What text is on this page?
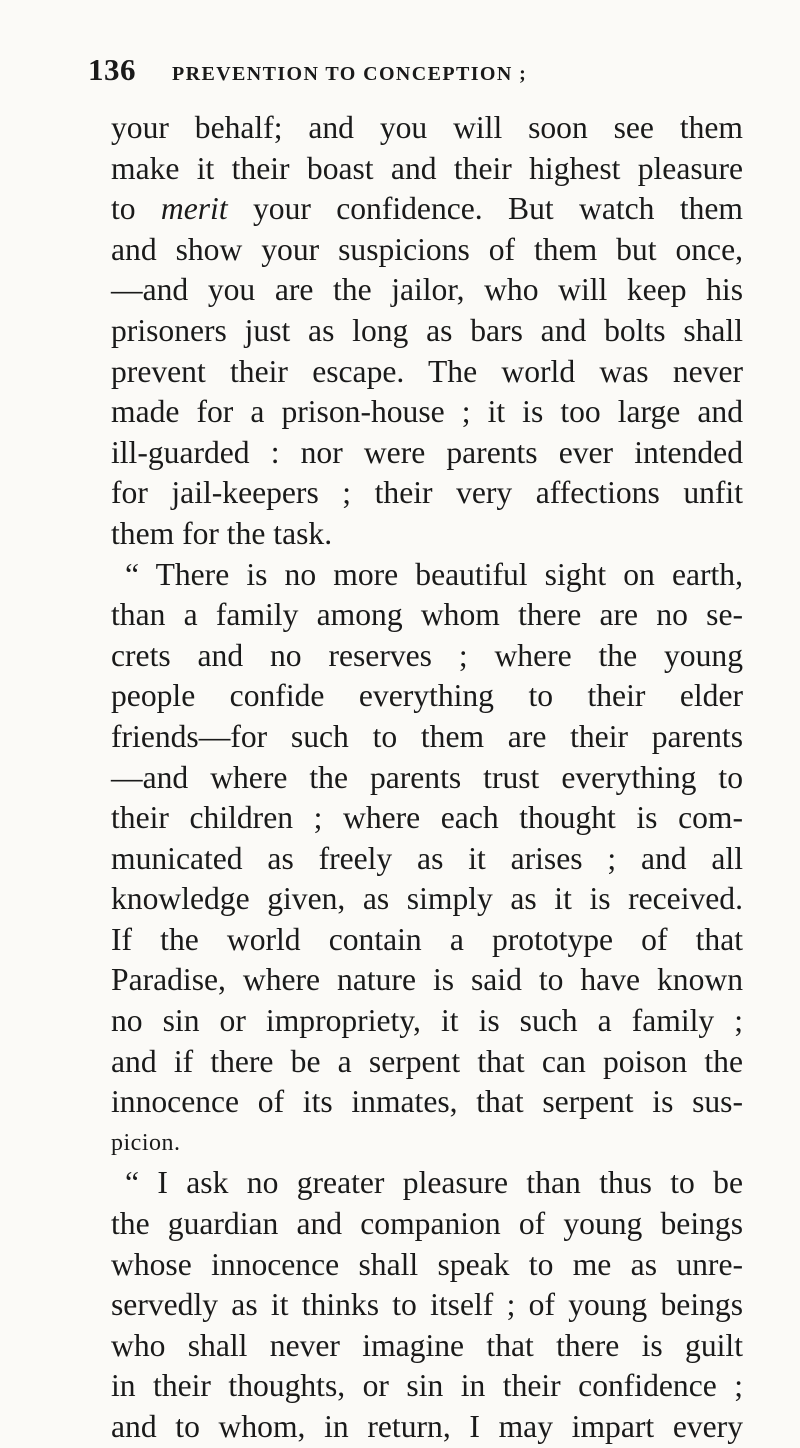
136 PREVENTION TO CONCEPTION ;
your behalf; and you will soon see them
make it their boast and their highest pleasure
to merit your confidence. But watch them
and show your suspicions of them but once,
—and you are the jailor, who will keep his
prisoners just as long as bars and bolts shall
prevent their escape. The world was never
made for a prison-house ; it is too large and
ill-guarded : nor were parents ever intended
for jail-keepers ; their very affections unfit
them for the task.
“ There is no more beautiful sight on earth,
than a family among whom there are no se-
crets and no reserves ; where the young
people confide everything to their elder
friends—for such to them are their parents
—and where the parents trust everything to
their children ; where each thought is com-
municated as freely as it arises ; and all
knowledge given, as simply as it is received.
If the world contain a prototype of that
Paradise, where nature is said to have known
no sin or impropriety, it is such a family ;
and if there be a serpent that can poison the
innocence of its inmates, that serpent is sus-
picion.
“ I ask no greater pleasure than thus to be
the guardian and companion of young beings
whose innocence shall speak to me as unre-
servedly as it thinks to itself ; of young beings
who shall never imagine that there is guilt
in their thoughts, or sin in their confidence ;
and to whom, in return, I may impart every
